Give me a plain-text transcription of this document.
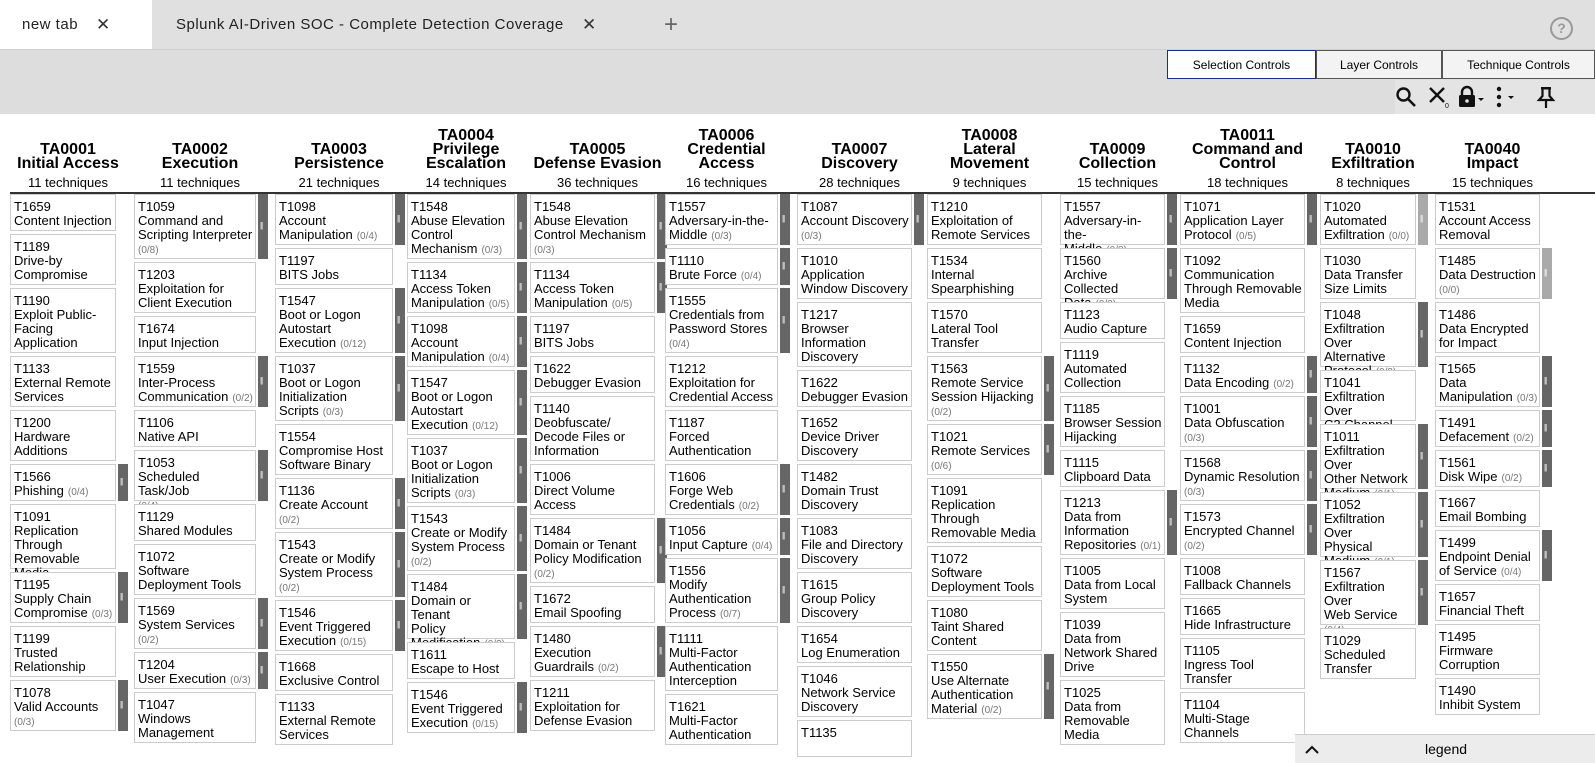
new tab ✕	Splunk AI-Driven SOC - Complete Detection Coverage ✕	+	?
Selection Controls	Layer Controls	Technique Controls
0
TA0001
Initial Access
11 techniques
T1659
Content Injection
T1189
Drive-by
Compromise
T1190
Exploit Public-
Facing
Application
T1133
External Remote
Services
T1200
Hardware
Additions
T1566
Phishing (0/4)
||
T1091
Replication
Through
Removable
T1195
Supply Chain
Compromise (0/3)
||
T1199
Trusted
Relationship
T1078
Valid Accounts
(0/3)
||
TA0002
Execution
11 techniques
T1059
Command and
Scripting Interpreter
(0/8)
||
T1203
Exploitation for
Client Execution
T1674
Input Injection
T1559
Inter-Process
Communication (0/2)
||
T1106
Native API
T1053
Scheduled Task/Job
||
T1129
Shared Modules
T1072
Software
Deployment Tools
T1569
System Services
(0/2)
||
T1204
User Execution (0/3)
||
T1047
Windows
Management
TA0003
Persistence
21 techniques
T1098
Account
Manipulation (0/4)
||
T1197
BITS Jobs
T1547
Boot or Logon
Autostart
Execution (0/12)
||
T1037
Boot or Logon
Initialization
Scripts (0/3)
||
T1554
Compromise Host
Software Binary
T1136
Create Account
(0/2)
||
T1543
Create or Modify
System Process
(0/2)
||
T1546
Event Triggered
Execution (0/15)
||
T1668
Exclusive Control
T1133
External Remote
Services
TA0004
Privilege
Escalation
14 techniques
T1548
Abuse Elevation
Control
Mechanism (0/3)
||
T1134
Access Token
Manipulation (0/5)
||
T1098
Account
Manipulation (0/4)
||
T1547
Boot or Logon
Autostart
Execution (0/12)
||
T1037
Boot or Logon
Initialization
Scripts (0/3)
||
T1543
Create or Modify
System Process
(0/2)
||
T1484
Domain or Tenant
Policy
||
T1611
Escape to Host
T1546
Event Triggered
Execution (0/15)
||
TA0005
Defense Evasion
36 techniques
T1548
Abuse Elevation
Control Mechanism
(0/3)
||
T1134
Access Token
Manipulation (0/5)
||
T1197
BITS Jobs
T1622
Debugger Evasion
T1140
Deobfuscate/
Decode Files or
Information
T1006
Direct Volume
Access
T1484
Domain or Tenant
Policy Modification
(0/2)
||
T1672
Email Spoofing
T1480
Execution
Guardrails (0/2)
||
T1211
Exploitation for
Defense Evasion
TA0006
Credential
Access
16 techniques
T1557
Adversary-in-the-
Middle (0/3)
||
T1110
Brute Force (0/4)
||
T1555
Credentials from
Password Stores
(0/4)
||
T1212
Exploitation for
Credential Access
T1187
Forced
Authentication
T1606
Forge Web
Credentials (0/2)
||
T1056
Input Capture (0/4)
||
T1556
Modify
Authentication
Process (0/7)
||
T1111
Multi-Factor
Authentication
Interception
T1621
Multi-Factor
Authentication
TA0007
Discovery
28 techniques
T1087
Account Discovery
(0/3)
||
T1010
Application
Window Discovery
T1217
Browser
Information
Discovery
T1622
Debugger Evasion
T1652
Device Driver
Discovery
T1482
Domain Trust
Discovery
T1083
File and Directory
Discovery
T1615
Group Policy
Discovery
T1654
Log Enumeration
T1046
Network Service
Discovery
T1135
TA0008
Lateral
Movement
9 techniques
T1210
Exploitation of
Remote Services
T1534
Internal
Spearphishing
T1570
Lateral Tool
Transfer
T1563
Remote Service
Session Hijacking
(0/2)
||
T1021
Remote Services
(0/6)
||
T1091
Replication
Through
Removable Media
T1072
Software
Deployment Tools
T1080
Taint Shared
Content
T1550
Use Alternate
Authentication
Material (0/2)
||
TA0009
Collection
15 techniques
T1557
Adversary-in-the-
||
T1560
Archive Collected
||
T1123
Audio Capture
T1119
Automated
Collection
T1185
Browser Session
Hijacking
T1115
Clipboard Data
T1213
Data from
Information
Repositories (0/1)
||
T1005
Data from Local
System
T1039
Data from
Network Shared
Drive
T1025
Data from
Removable
Media
TA0011
Command and
Control
18 techniques
T1071
Application Layer
Protocol (0/5)
||
T1092
Communication
Through Removable
Media
T1659
Content Injection
T1132
Data Encoding (0/2)
||
T1001
Data Obfuscation
(0/3)
||
T1568
Dynamic Resolution
(0/3)
||
T1573
Encrypted Channel
(0/2)
||
T1008
Fallback Channels
T1665
Hide Infrastructure
T1105
Ingress Tool
Transfer
T1104
Multi-Stage
Channels
TA0010
Exfiltration
8 techniques
T1020
Automated
Exfiltration (0/0)
||
T1030
Data Transfer
Size Limits
T1048
Exfiltration Over
Alternative
||
T1041
Exfiltration Over
T1011
Exfiltration Over
Other Network
||
T1052
Exfiltration Over
Physical
||
T1567
Exfiltration Over
Web Service
||
T1029
Scheduled
Transfer
TA0040
Impact
15 techniques
T1531
Account Access
Removal
T1485
Data Destruction
(0/0)
||
T1486
Data Encrypted
for Impact
T1565
Data
Manipulation (0/3)
||
T1491
Defacement (0/2)
||
T1561
Disk Wipe (0/2)
||
T1667
Email Bombing
T1499
Endpoint Denial
of Service (0/4)
||
T1657
Financial Theft
T1495
Firmware
Corruption
T1490
Inhibit System
legend
